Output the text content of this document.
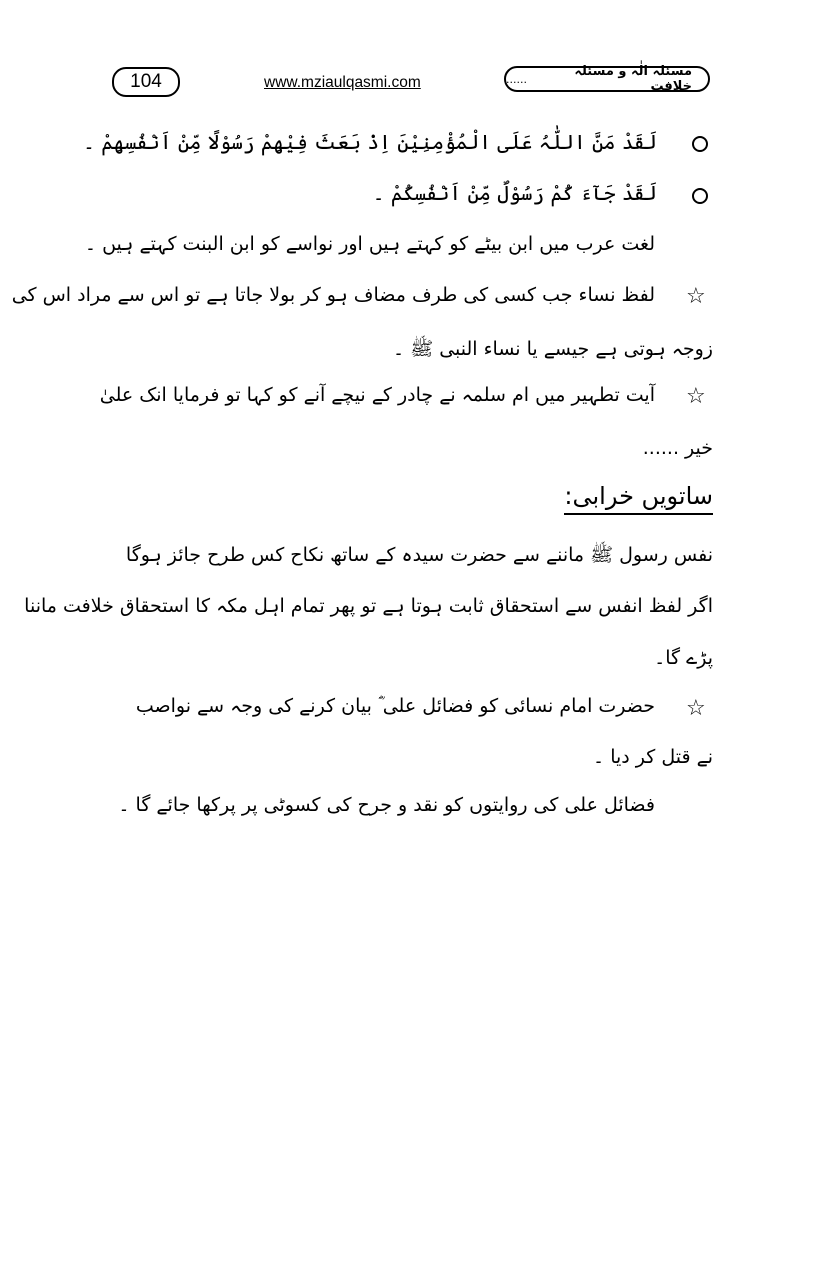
104	www.mziaulqasmi.com
مسئلہ الٰہ و مسئلہ خلافت
......
لَقَدْ مَنَّ اللّٰہُ عَلَی الْمُؤْمِنِیْنَ اِذْ بَعَثَ فِیْھِمْ رَسُوْلًا مِّنْ اَنْفُسِھِمْ ۔
لَقَدْ جَآءَ کُمْ رَسُوْلٌ مِّنْ اَنْفُسِکُمْ ۔
لغت عرب میں ابن بیٹے کو کہتے ہیں اور نواسے کو ابن البنت کہتے ہیں ۔
☆
لفظ نساء جب کسی کی طرف مضاف ہو کر بولا جاتا ہے تو اس سے مراد اس کی
زوجہ ہوتی ہے جیسے یا نساء النبی ﷺ ۔
☆
آیت تطہیر میں ام سلمہ نے چادر کے نیچے آنے کو کہا تو فرمایا انک علیٰ
خیر ......
ساتویں خرابی:
نفس رسول ﷺ ماننے سے حضرت سیدہ کے ساتھ نکاح کس طرح جائز ہوگا
اگر لفظ انفس سے استحقاق ثابت ہوتا ہے تو پھر تمام اہل مکہ کا استحقاق خلافت ماننا
پڑے گا۔
☆
حضرت امام نسائی کو فضائل علی ؓ بیان کرنے کی وجہ سے نواصب
نے قتل کر دیا ۔
فضائل علی کی روایتوں کو نقد و جرح کی کسوٹی پر پرکھا جائے گا ۔
